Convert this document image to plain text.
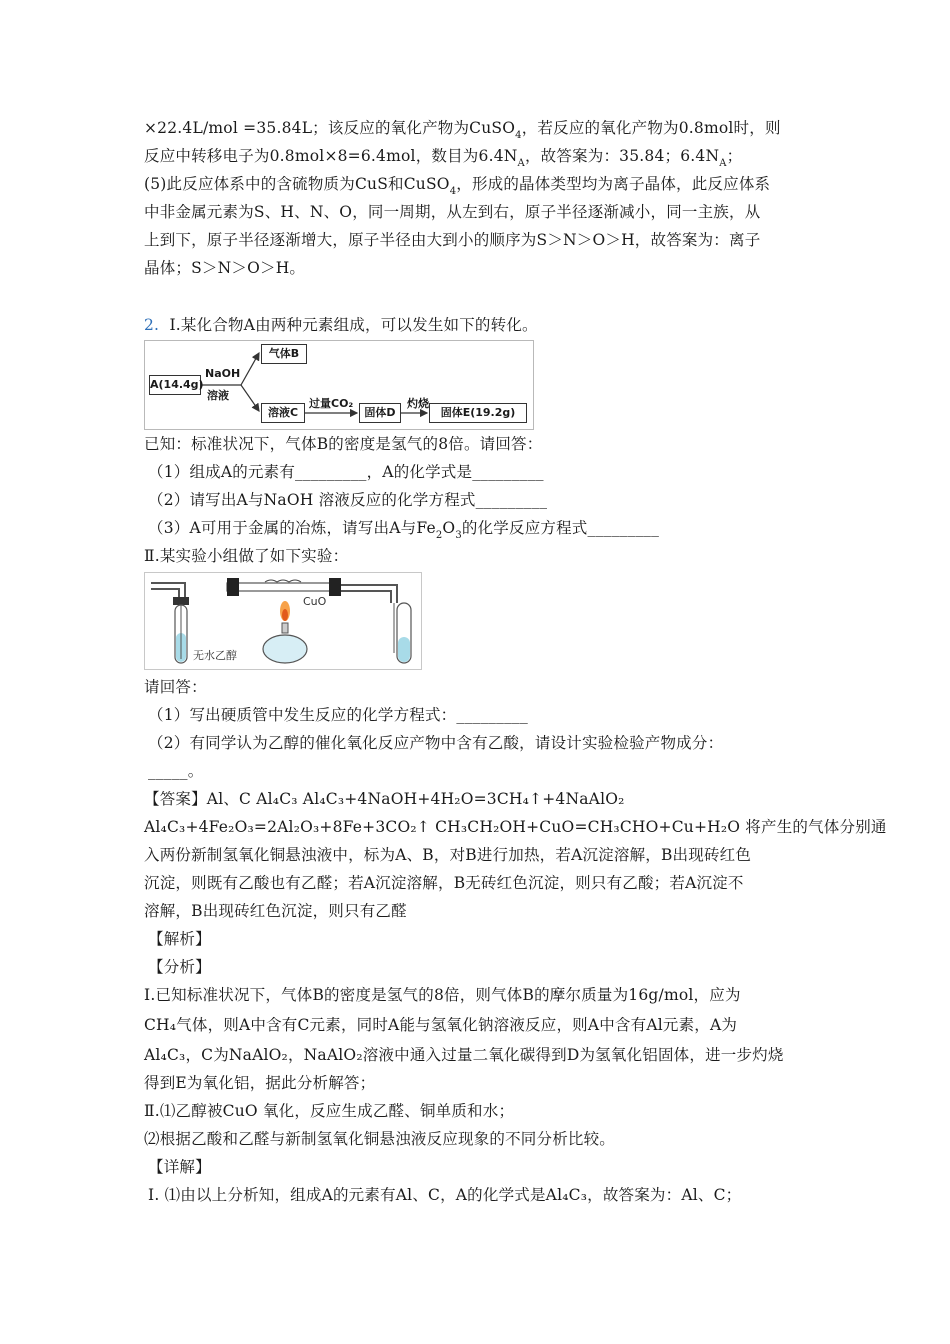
×22.4L/mol =35.84L；该反应的氧化产物为CuSO$_4$，若反应的氧化产物为0.8mol时，则
反应中转移电子为0.8mol×8=6.4mol，数目为$6.4N_A$，故答案为：35.84；$6.4N_A$；
(5)此反应体系中的含硫物质为CuS和CuSO$_4$，形成的晶体类型均为离子晶体，此反应体系
中非金属元素为S、H、N、O，同一周期，从左到右，原子半径逐渐减小，同一主族，从
上到下，原子半径逐渐增大，原子半径由大到小的顺序为S＞N＞O＞H，故答案为：离子
晶体；S＞N＞O＞H。
2. Ⅰ.某化合物A由两种元素组成，可以发生如下的转化。
A(14.4g)
NaOH
溶液
气体B
溶液C
过量CO₂
固体D
灼烧
固体E(19.2g)
已知：标准状况下，气体B的密度是氢气的8倍。请回答：
（1）组成A的元素有_________，A的化学式是_________
（2）请写出A与NaOH 溶液反应的化学方程式_________
（3）A可用于金属的冶炼，请写出A与$Fe_2O_3$的化学反应方程式_________
Ⅱ.某实验小组做了如下实验：
CuO
无水乙醇
请回答：
（1）写出硬质管中发生反应的化学方程式：_________
（2）有同学认为乙醇的催化氧化反应产物中含有乙酸，请设计实验检验产物成分：
_____。
【答案】Al、C Al₄C₃ Al₄C₃+4NaOH+4H₂O=3CH₄↑+4NaAlO₂
Al₄C₃+4Fe₂O₃=2Al₂O₃+8Fe+3CO₂↑ CH₃CH₂OH+CuO=CH₃CHO+Cu+H₂O 将产生的气体分别通
入两份新制氢氧化铜悬浊液中，标为A、B，对B进行加热，若A沉淀溶解，B出现砖红色
沉淀，则既有乙酸也有乙醛；若A沉淀溶解，B无砖红色沉淀，则只有乙酸；若A沉淀不
溶解，B出现砖红色沉淀，则只有乙醛
【解析】
【分析】
Ⅰ.已知标准状况下，气体B的密度是氢气的8倍，则气体B的摩尔质量为16g/mol，应为
CH₄气体，则A中含有C元素，同时A能与氢氧化钠溶液反应，则A中含有Al元素，A为
Al₄C₃，C为NaAlO₂，NaAlO₂溶液中通入过量二氧化碳得到D为氢氧化铝固体，进一步灼烧
得到E为氧化铝，据此分析解答；
Ⅱ.⑴乙醇被CuO 氧化，反应生成乙醛、铜单质和水；
⑵根据乙酸和乙醛与新制氢氧化铜悬浊液反应现象的不同分析比较。
【详解】
Ⅰ. ⑴由以上分析知，组成A的元素有Al、C，A的化学式是Al₄C₃，故答案为：Al、C；
